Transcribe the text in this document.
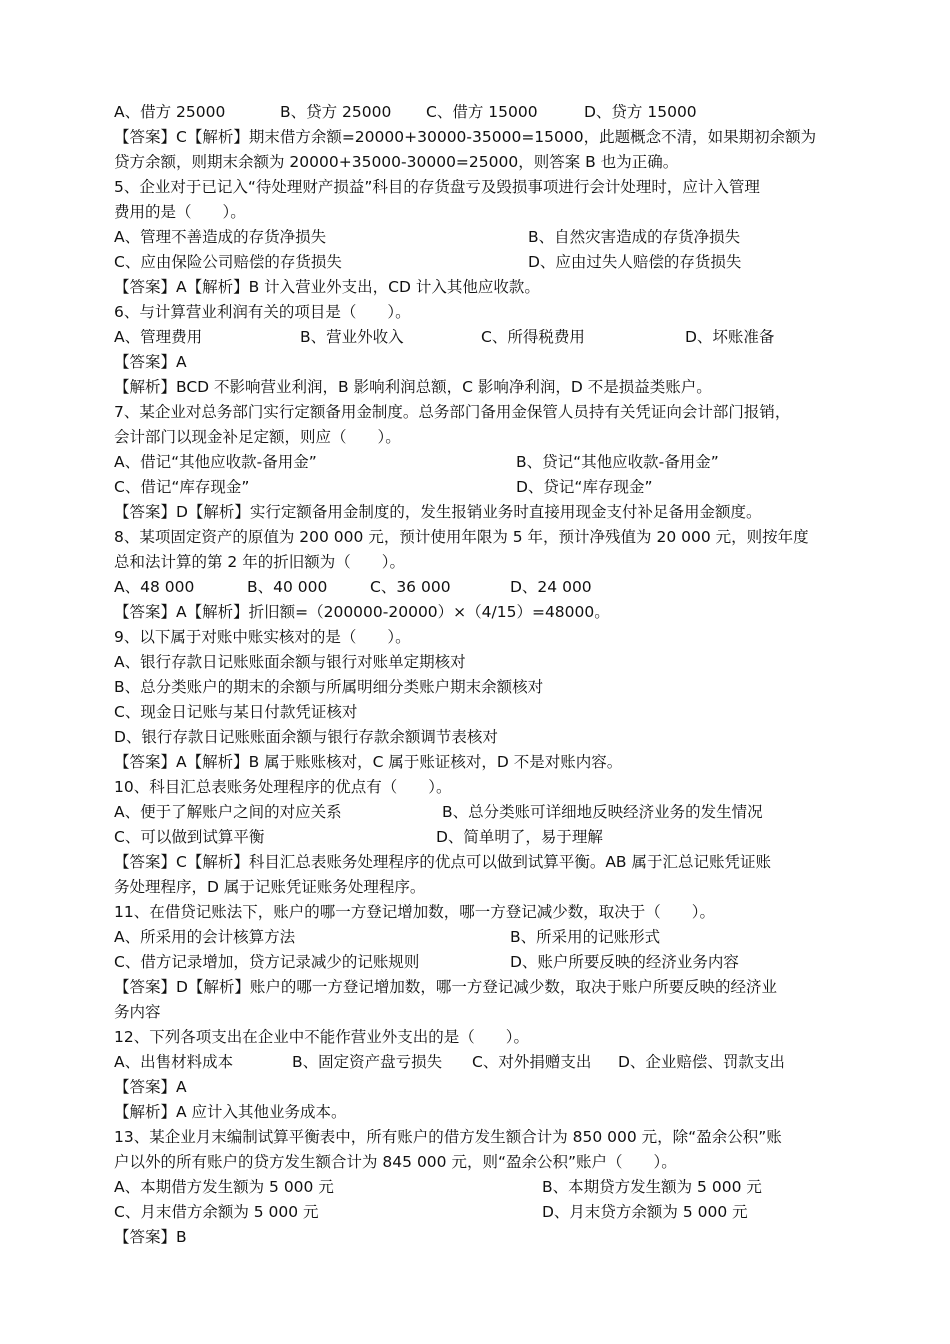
A、借方 25000	B、贷方 25000 C、借方 15000	D、贷方 15000
【答案】C【解析】期末借方余额=20000+30000-35000=15000，此题概念不清，如果期初余额为
贷方余额，则期末余额为 20000+35000-30000=25000，则答案 B 也为正确。
5、企业对于已记入“待处理财产损益”科目的存货盘亏及毁损事项进行会计处理时，应计入管理
费用的是（　　）。
A、管理不善造成的存货净损失	B、自然灾害造成的存货净损失
C、应由保险公司赔偿的存货损失	D、应由过失人赔偿的存货损失
【答案】A【解析】B 计入营业外支出，CD 计入其他应收款。
6、与计算营业利润有关的项目是（　　）。
A、管理费用	B、营业外收入	C、所得税费用	D、坏账准备
【答案】A
【解析】BCD 不影响营业利润，B 影响利润总额，C 影响净利润，D 不是损益类账户。
7、某企业对总务部门实行定额备用金制度。总务部门备用金保管人员持有关凭证向会计部门报销，
会计部门以现金补足定额，则应（　　）。
A、借记“其他应收款-备用金”	B、贷记“其他应收款-备用金”
C、借记“库存现金”	D、贷记“库存现金”
【答案】D【解析】实行定额备用金制度的，发生报销业务时直接用现金支付补足备用金额度。
8、某项固定资产的原值为 200 000 元，预计使用年限为 5 年，预计净残值为 20 000 元，则按年度
总和法计算的第 2 年的折旧额为（　　）。
A、48 000	B、40 000	C、36 000	D、24 000
【答案】A【解析】折旧额=（200000-20000）×（4/15）=48000。
9、以下属于对账中账实核对的是（　　）。
A、银行存款日记账账面余额与银行对账单定期核对
B、总分类账户的期末的余额与所属明细分类账户期末余额核对
C、现金日记账与某日付款凭证核对
D、银行存款日记账账面余额与银行存款余额调节表核对
【答案】A【解析】B 属于账账核对，C 属于账证核对，D 不是对账内容。
10、科目汇总表账务处理程序的优点有（　　）。
A、便于了解账户之间的对应关系	B、总分类账可详细地反映经济业务的发生情况
C、可以做到试算平衡	D、简单明了，易于理解
【答案】C【解析】科目汇总表账务处理程序的优点可以做到试算平衡。AB 属于汇总记账凭证账
务处理程序，D 属于记账凭证账务处理程序。
11、在借贷记账法下，账户的哪一方登记增加数，哪一方登记减少数，取决于（　　）。
A、所采用的会计核算方法	B、所采用的记账形式
C、借方记录增加，贷方记录减少的记账规则	D、账户所要反映的经济业务内容
【答案】D【解析】账户的哪一方登记增加数，哪一方登记减少数，取决于账户所要反映的经济业
务内容
12、下列各项支出在企业中不能作营业外支出的是（　　）。
A、出售材料成本	B、固定资产盘亏损失 C、对外捐赠支出 D、企业赔偿、罚款支出
【答案】A
【解析】A 应计入其他业务成本。
13、某企业月末编制试算平衡表中，所有账户的借方发生额合计为 850 000 元，除“盈余公积”账
户以外的所有账户的贷方发生额合计为 845 000 元，则“盈余公积”账户（　　）。
A、本期借方发生额为 5 000 元	B、本期贷方发生额为 5 000 元
C、月末借方余额为 5 000 元	D、月末贷方余额为 5 000 元
【答案】B
